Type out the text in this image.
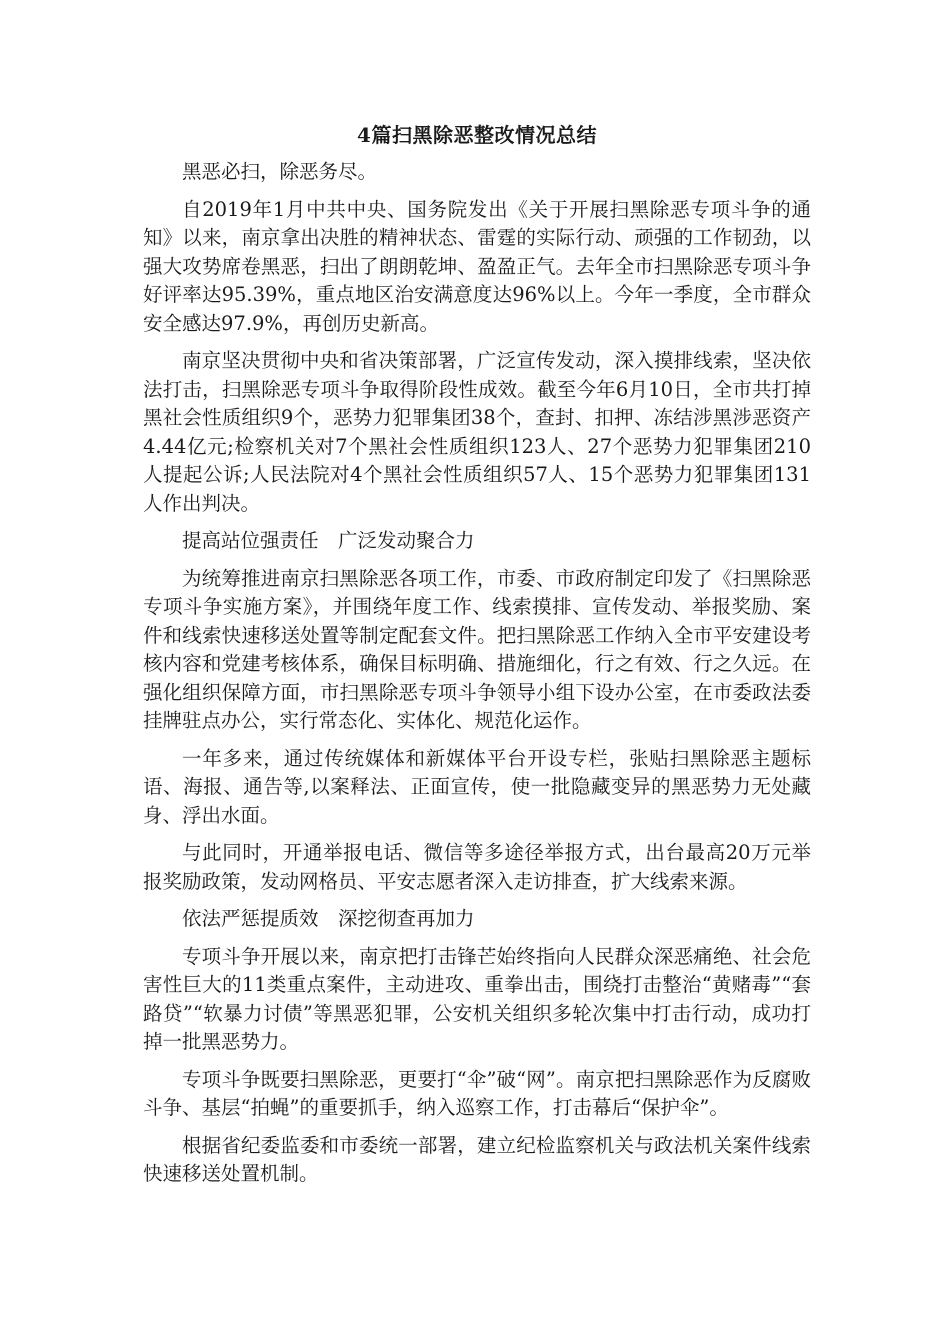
4篇扫黑除恶整改情况总结

黑恶必扫，除恶务尽。

自2019年1月中共中央、国务院发出《关于开展扫黑除恶专项斗争的通知》以来，南京拿出决胜的精神状态、雷霆的实际行动、顽强的工作韧劲，以强大攻势席卷黑恶，扫出了朗朗乾坤、盈盈正气。去年全市扫黑除恶专项斗争好评率达95.39%，重点地区治安满意度达96%以上。今年一季度，全市群众安全感达97.9%，再创历史新高。

南京坚决贯彻中央和省决策部署，广泛宣传发动，深入摸排线索，坚决依法打击，扫黑除恶专项斗争取得阶段性成效。截至今年6月10日，全市共打掉黑社会性质组织9个，恶势力犯罪集团38个，查封、扣押、冻结涉黑涉恶资产4.44亿元;检察机关对7个黑社会性质组织123人、27个恶势力犯罪集团210人提起公诉;人民法院对4个黑社会性质组织57人、15个恶势力犯罪集团131人作出判决。

提高站位强责任　广泛发动聚合力

为统筹推进南京扫黑除恶各项工作，市委、市政府制定印发了《扫黑除恶专项斗争实施方案》，并围绕年度工作、线索摸排、宣传发动、举报奖励、案件和线索快速移送处置等制定配套文件。把扫黑除恶工作纳入全市平安建设考核内容和党建考核体系，确保目标明确、措施细化，行之有效、行之久远。在强化组织保障方面，市扫黑除恶专项斗争领导小组下设办公室，在市委政法委挂牌驻点办公，实行常态化、实体化、规范化运作。

一年多来，通过传统媒体和新媒体平台开设专栏，张贴扫黑除恶主题标语、海报、通告等,以案释法、正面宣传，使一批隐藏变异的黑恶势力无处藏身、浮出水面。

与此同时，开通举报电话、微信等多途径举报方式，出台最高20万元举报奖励政策，发动网格员、平安志愿者深入走访排查，扩大线索来源。

依法严惩提质效　深挖彻查再加力

专项斗争开展以来，南京把打击锋芒始终指向人民群众深恶痛绝、社会危害性巨大的11类重点案件，主动进攻、重拳出击，围绕打击整治“黄赌毒”“套路贷”“软暴力讨债”等黑恶犯罪，公安机关组织多轮次集中打击行动，成功打掉一批黑恶势力。

专项斗争既要扫黑除恶，更要打“伞”破“网”。南京把扫黑除恶作为反腐败斗争、基层“拍蝇”的重要抓手，纳入巡察工作，打击幕后“保护伞”。

根据省纪委监委和市委统一部署，建立纪检监察机关与政法机关案件线索快速移送处置机制。
